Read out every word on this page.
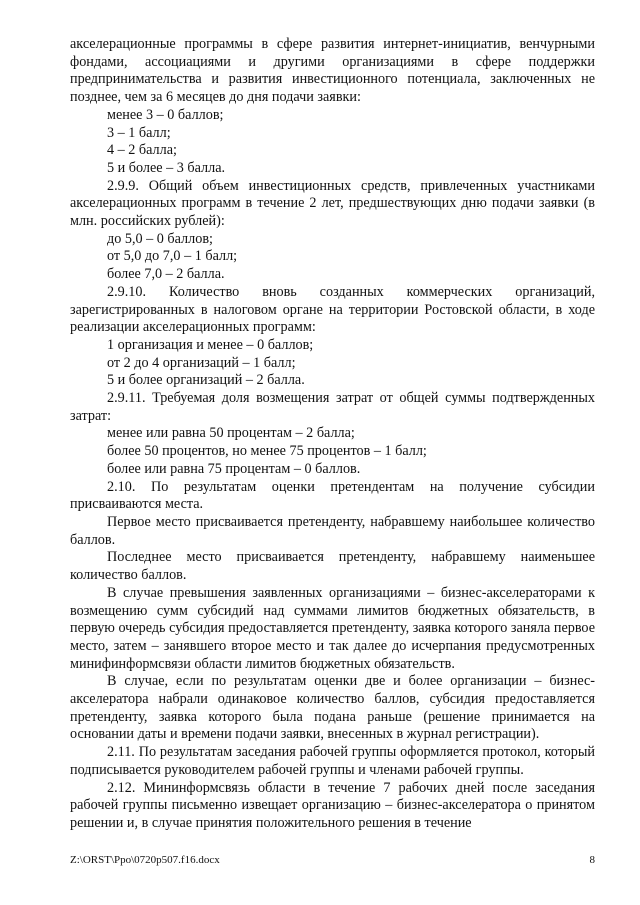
акселерационные программы в сфере развития интернет-инициатив, венчурными фондами, ассоциациями и другими организациями в сфере поддержки предпринимательства и развития инвестиционного потенциала, заключенных не позднее, чем за 6 месяцев до дня подачи заявки:

менее 3 – 0 баллов;

3 – 1 балл;

4 – 2 балла;

5 и более – 3 балла.

2.9.9. Общий объем инвестиционных средств, привлеченных участниками акселерационных программ в течение 2 лет, предшествующих дню подачи заявки (в млн. российских рублей):

до 5,0 – 0 баллов;

от 5,0 до 7,0 – 1 балл;

более 7,0 – 2 балла.

2.9.10. Количество вновь созданных коммерческих организаций, зарегистрированных в налоговом органе на территории Ростовской области, в ходе реализации акселерационных программ:

1 организация и менее – 0 баллов;

от 2 до 4 организаций – 1 балл;

5 и более организаций – 2 балла.

2.9.11. Требуемая доля возмещения затрат от общей суммы подтвержденных затрат:

менее или равна 50 процентам – 2 балла;

более 50 процентов, но менее 75 процентов – 1 балл;

более или равна 75 процентам – 0 баллов.

2.10. По результатам оценки претендентам на получение субсидии присваиваются места.

Первое место присваивается претенденту, набравшему наибольшее количество баллов.

Последнее место присваивается претенденту, набравшему наименьшее количество баллов.

В случае превышения заявленных организациями – бизнес-акселераторами к возмещению сумм субсидий над суммами лимитов бюджетных обязательств, в первую очередь субсидия предоставляется претенденту, заявка которого заняла первое место, затем – занявшего второе место и так далее до исчерпания предусмотренных минифинформсвязи области лимитов бюджетных обязательств.

В случае, если по результатам оценки две и более организации – бизнес-акселератора набрали одинаковое количество баллов, субсидия предоставляется претенденту, заявка которого была подана раньше (решение принимается на основании даты и времени подачи заявки, внесенных в журнал регистрации).

2.11. По результатам заседания рабочей группы оформляется протокол, который подписывается руководителем рабочей группы и членами рабочей группы.

2.12. Мининформсвязь области в течение 7 рабочих дней после заседания рабочей группы письменно извещает организацию – бизнес-акселератора о принятом решении и, в случае принятия положительного решения в течение

Z:\ORST\Ppo\0720p507.f16.docx	8
